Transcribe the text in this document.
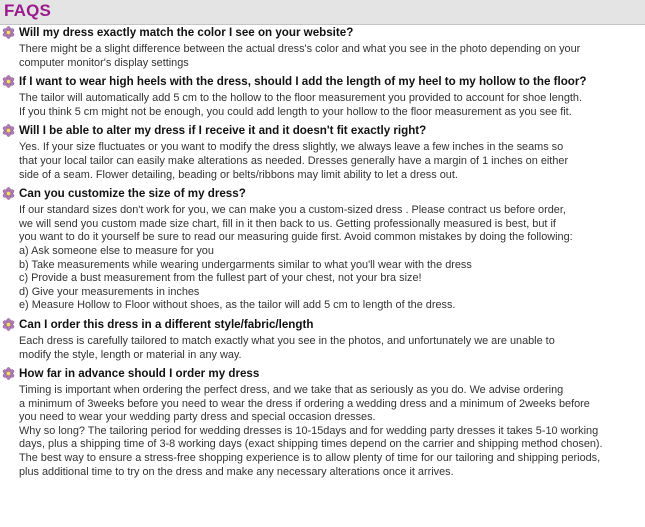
FAQS
Will my dress exactly match the color I see on your website?

There might be a slight difference between the actual dress's color and what you see in the photo depending on your

computer monitor's display settings

If I want to wear high heels with the dress, should I add the length of my heel to my hollow to the floor?

The tailor will automatically add 5 cm to the hollow to the floor measurement you provided to account for shoe length.

If you think 5 cm might not be enough, you could add length to your hollow to the floor measurement as you see fit.

Will I be able to alter my dress if I receive it and it doesn't fit exactly right?

Yes. If your size fluctuates or you want to modify the dress slightly, we always leave a few inches in the seams so

that your local tailor can easily make alterations as needed. Dresses generally have a margin of 1 inches on either

side of a seam. Flower detailing, beading or belts/ribbons may limit ability to let a dress out.

Can you customize the size of my dress?

If our standard sizes don't work for you, we can make you a custom-sized dress . Please contract us before order,

we will send you custom made size chart, fill in it then back to us. Getting professionally measured is best, but if

you want to do it yourself be sure to read our measuring guide first. Avoid common mistakes by doing the following:

a) Ask someone else to measure for you

b) Take measurements while wearing undergarments similar to what you'll wear with the dress

c) Provide a bust measurement from the fullest part of your chest, not your bra size!

d) Give your measurements in inches

e) Measure Hollow to Floor without shoes, as the tailor will add 5 cm to length of the dress.

Can I order this dress in a different style/fabric/length

Each dress is carefully tailored to match exactly what you see in the photos, and unfortunately we are unable to

modify the style, length or material in any way.

How far in advance should I order my dress

Timing is important when ordering the perfect dress, and we take that as seriously as you do. We advise ordering

a minimum of 3weeks before you need to wear the dress if ordering a wedding dress and a minimum of 2weeks before

you need to wear your wedding party dress and special occasion dresses.

Why so long? The tailoring period for wedding dresses is 10-15days and for wedding party dresses it takes 5-10 working

days, plus a shipping time of 3-8 working days (exact shipping times depend on the carrier and shipping method chosen).

The best way to ensure a stress-free shopping experience is to allow plenty of time for our tailoring and shipping periods,

plus additional time to try on the dress and make any necessary alterations once it arrives.
